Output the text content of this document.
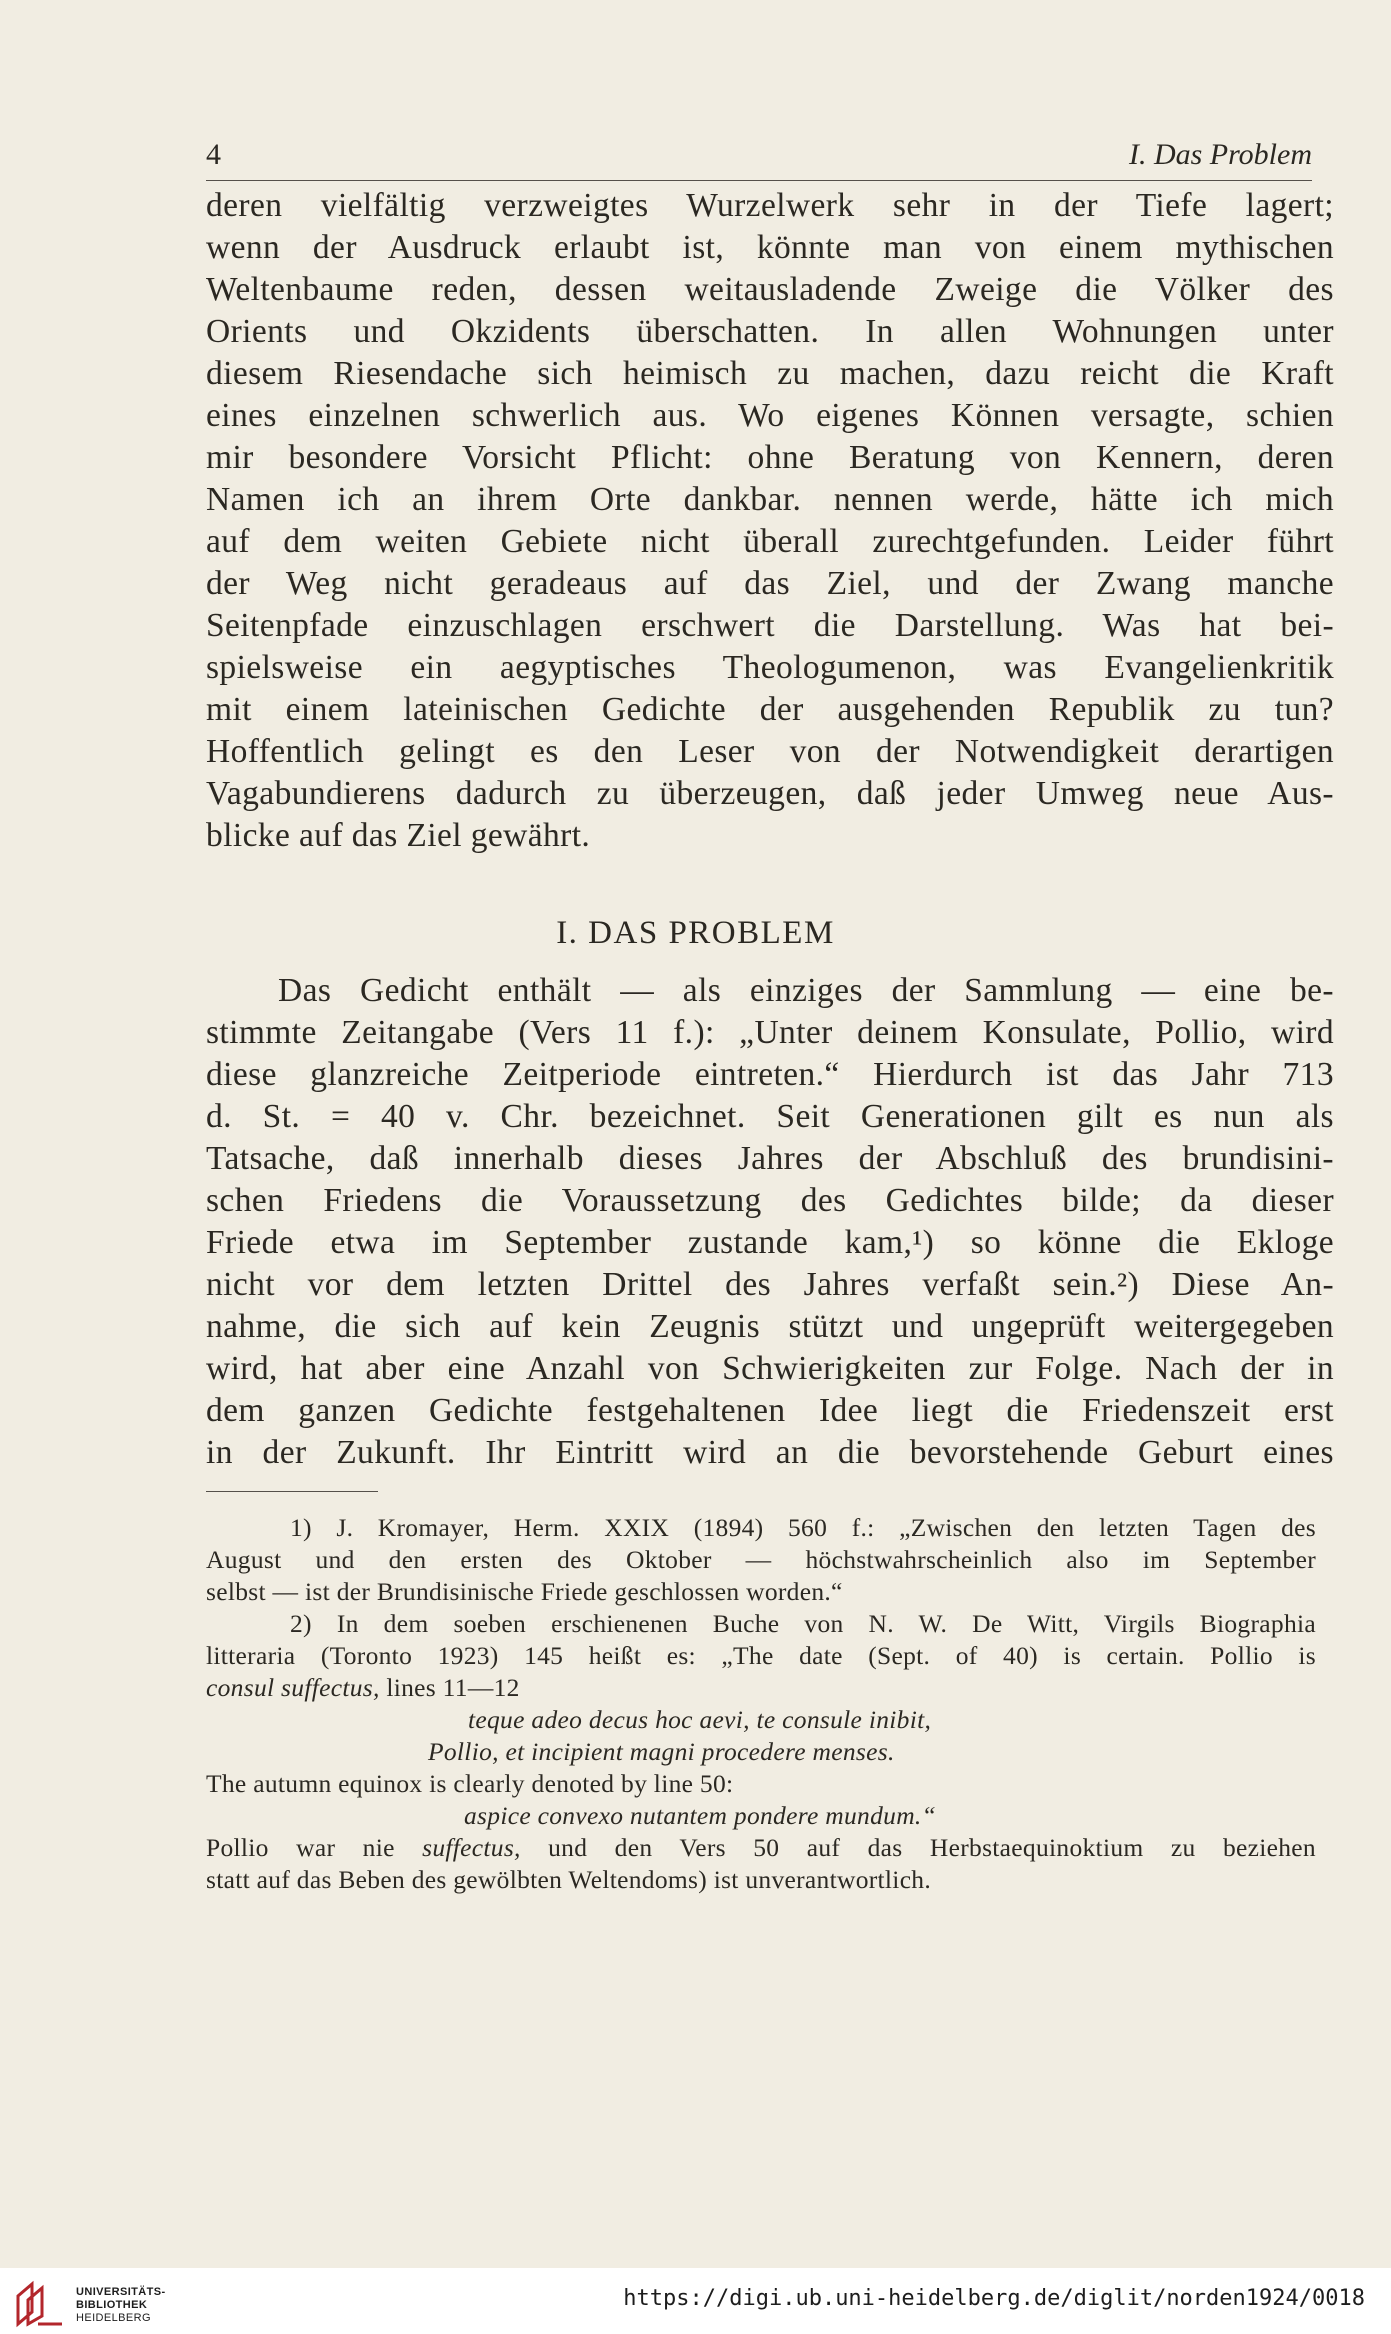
4	I. Das Problem
deren vielfältig verzweigtes Wurzelwerk sehr in der Tiefe lagert;
wenn der Ausdruck erlaubt ist, könnte man von einem mythischen
Weltenbaume reden, dessen weitausladende Zweige die Völker des
Orients und Okzidents überschatten. In allen Wohnungen unter
diesem Riesendache sich heimisch zu machen, dazu reicht die Kraft
eines einzelnen schwerlich aus. Wo eigenes Können versagte, schien
mir besondere Vorsicht Pflicht: ohne Beratung von Kennern, deren
Namen ich an ihrem Orte dankbar. nennen werde, hätte ich mich
auf dem weiten Gebiete nicht überall zurechtgefunden. Leider führt
der Weg nicht geradeaus auf das Ziel, und der Zwang manche
Seitenpfade einzuschlagen erschwert die Darstellung. Was hat bei-
spielsweise ein aegyptisches Theologumenon, was Evangelienkritik
mit einem lateinischen Gedichte der ausgehenden Republik zu tun?
Hoffentlich gelingt es den Leser von der Notwendigkeit derartigen
Vagabundierens dadurch zu überzeugen, daß jeder Umweg neue Aus-
blicke auf das Ziel gewährt.
I. DAS PROBLEM
Das Gedicht enthält — als einziges der Sammlung — eine be-
stimmte Zeitangabe (Vers 11 f.): „Unter deinem Konsulate, Pollio, wird
diese glanzreiche Zeitperiode eintreten.“ Hierdurch ist das Jahr 713
d. St. = 40 v. Chr. bezeichnet. Seit Generationen gilt es nun als
Tatsache, daß innerhalb dieses Jahres der Abschluß des brundisini-
schen Friedens die Voraussetzung des Gedichtes bilde; da dieser
Friede etwa im September zustande kam,¹) so könne die Ekloge
nicht vor dem letzten Drittel des Jahres verfaßt sein.²) Diese An-
nahme, die sich auf kein Zeugnis stützt und ungeprüft weitergegeben
wird, hat aber eine Anzahl von Schwierigkeiten zur Folge. Nach der in
dem ganzen Gedichte festgehaltenen Idee liegt die Friedenszeit erst
in der Zukunft. Ihr Eintritt wird an die bevorstehende Geburt eines
1) J. Kromayer, Herm. XXIX (1894) 560 f.: „Zwischen den letzten Tagen des
August und den ersten des Oktober — höchstwahrscheinlich also im September
selbst — ist der Brundisinische Friede geschlossen worden.“
2) In dem soeben erschienenen Buche von N. W. De Witt, Virgils Biographia
litteraria (Toronto 1923) 145 heißt es: „The date (Sept. of 40) is certain. Pollio is
consul suffectus, lines 11—12
teque adeo decus hoc aevi, te consule inibit,
Pollio, et incipient magni procedere menses.
The autumn equinox is clearly denoted by line 50:
aspice convexo nutantem pondere mundum.“
Pollio war nie suffectus, und den Vers 50 auf das Herbstaequinoktium zu beziehen
statt auf das Beben des gewölbten Weltendoms) ist unverantwortlich.
UNIVERSITÄTS-
BIBLIOTHEK
HEIDELBERG
https://digi.ub.uni-heidelberg.de/diglit/norden1924/0018
